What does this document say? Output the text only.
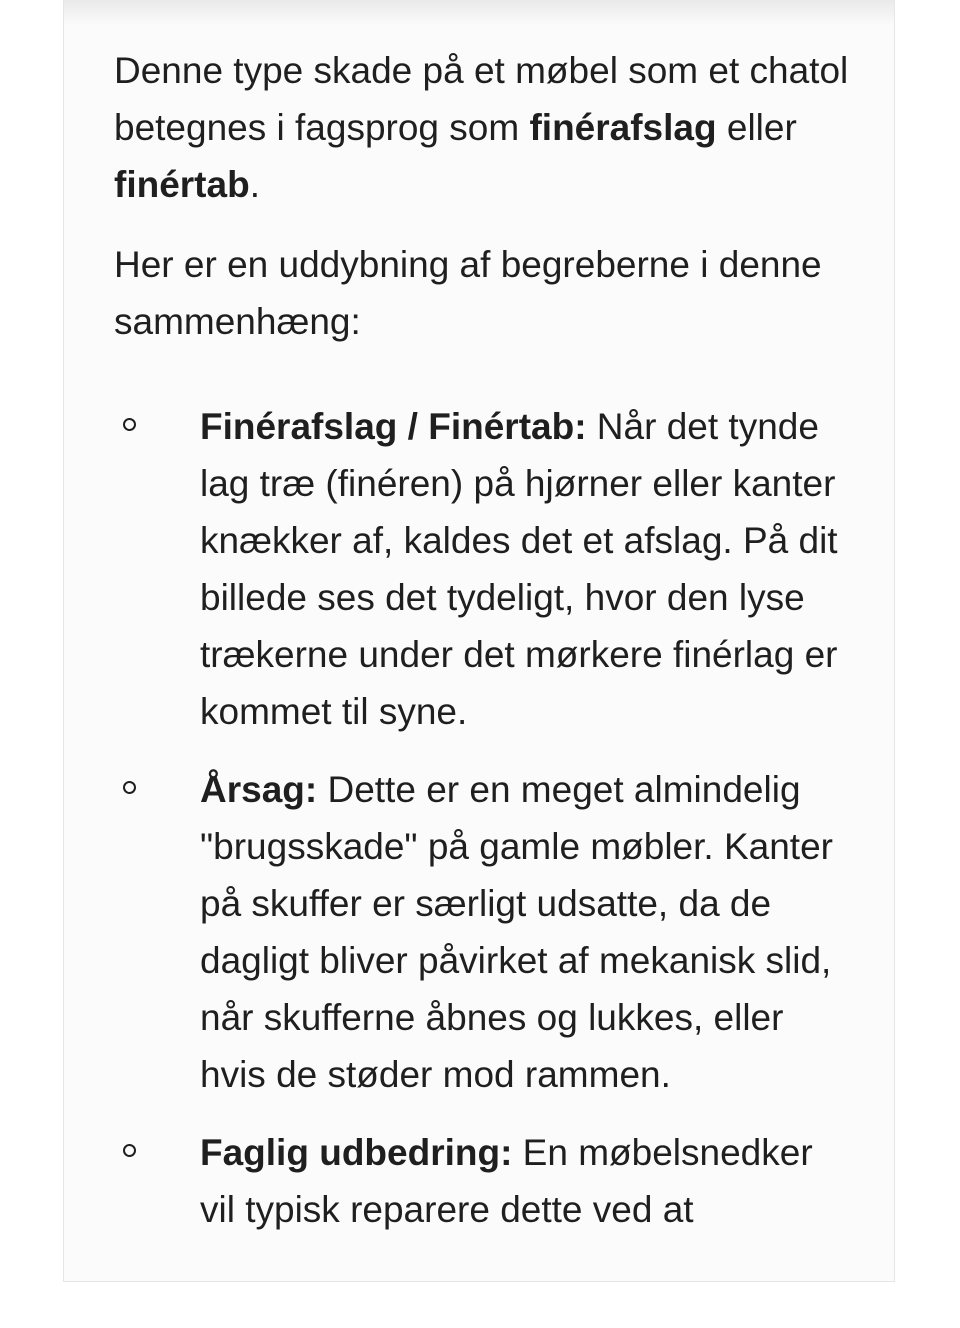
Denne type skade på et møbel som et chatol betegnes i fagsprog som finérafslag eller finértab.

Her er en uddybning af begreberne i denne sammenhæng:

Finérafslag / Finértab: Når det tynde lag træ (finéren) på hjørner eller kanter knækker af, kaldes det et afslag. På dit billede ses det tydeligt, hvor den lyse trækerne under det mørkere finérlag er kommet til syne.
Årsag: Dette er en meget almindelig "brugsskade" på gamle møbler. Kanter på skuffer er særligt udsatte, da de dagligt bliver påvirket af mekanisk slid, når skufferne åbnes og lukkes, eller hvis de støder mod rammen.
Faglig udbedring: En møbelsnedker vil typisk reparere dette ved at
